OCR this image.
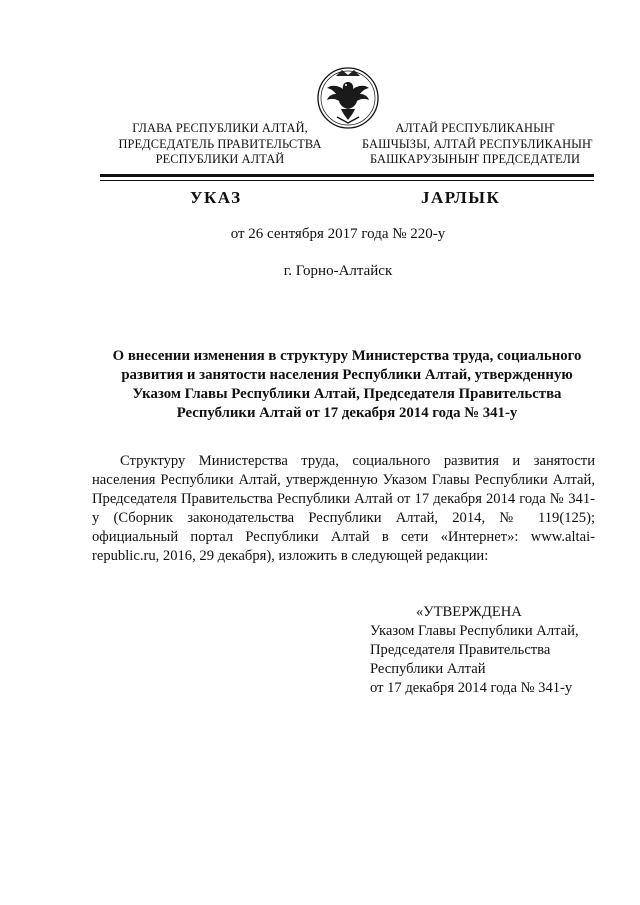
ГЛАВА РЕСПУБЛИКИ АЛТАЙ,
ПРЕДСЕДАТЕЛЬ ПРАВИТЕЛЬСТВА
РЕСПУБЛИКИ АЛТАЙ
АЛТАЙ РЕСПУБЛИКАНЫҤ
БАШЧЫЗЫ, АЛТАЙ РЕСПУБЛИКАНЫҤ
БАШКАРУЗЫНЫҤ ПРЕДСЕДАТЕЛИ
УКАЗ	JАРЛЫК
от 26 сентября 2017 года № 220-у
г. Горно-Алтайск
О внесении изменения в структуру Министерства труда, социального
развития и занятости населения Республики Алтай, утвержденную
Указом Главы Республики Алтай, Председателя Правительства
Республики Алтай от 17 декабря 2014 года № 341-у
Структуру Министерства труда, социального развития и занятости населения Республики Алтай, утвержденную Указом Главы Республики Алтай, Председателя Правительства Республики Алтай от 17 декабря 2014 года № 341-у (Сборник законодательства Республики Алтай, 2014, № 119(125); официальный портал Республики Алтай в сети «Интернет»: www.altai-republic.ru, 2016, 29 декабря), изложить в следующей редакции:
«УТВЕРЖДЕНА
Указом Главы Республики Алтай,
Председателя Правительства
Республики Алтай
от 17 декабря 2014 года № 341-у
